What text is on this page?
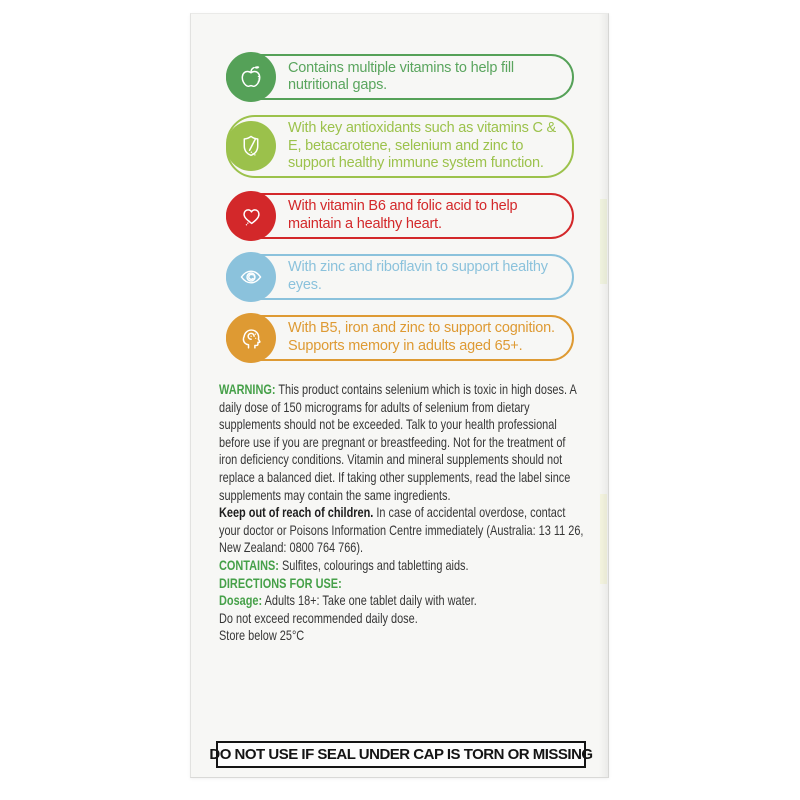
Contains multiple vitamins to help fill nutritional gaps.
With key antioxidants such as vitamins C & E, betacarotene, selenium and zinc to support healthy immune system function.
With vitamin B6 and folic acid to help maintain a healthy heart.
With zinc and riboflavin to support healthy eyes.
With B5, iron and zinc to support cognition. Supports memory in adults aged 65+.

WARNING: This product contains selenium which is toxic in high doses. A daily dose of 150 micrograms for adults of selenium from dietary supplements should not be exceeded. Talk to your health professional before use if you are pregnant or breastfeeding. Not for the treatment of iron deficiency conditions. Vitamin and mineral supplements should not replace a balanced diet. If taking other supplements, read the label since supplements may contain the same ingredients.

Keep out of reach of children. In case of accidental overdose, contact your doctor or Poisons Information Centre immediately (Australia: 13 11 26, New Zealand: 0800 764 766).

CONTAINS: Sulfites, colourings and tabletting aids.

DIRECTIONS FOR USE:

Dosage: Adults 18+: Take one tablet daily with water.

Do not exceed recommended daily dose.

Store below 25°C

DO NOT USE IF SEAL UNDER CAP IS TORN OR MISSING
